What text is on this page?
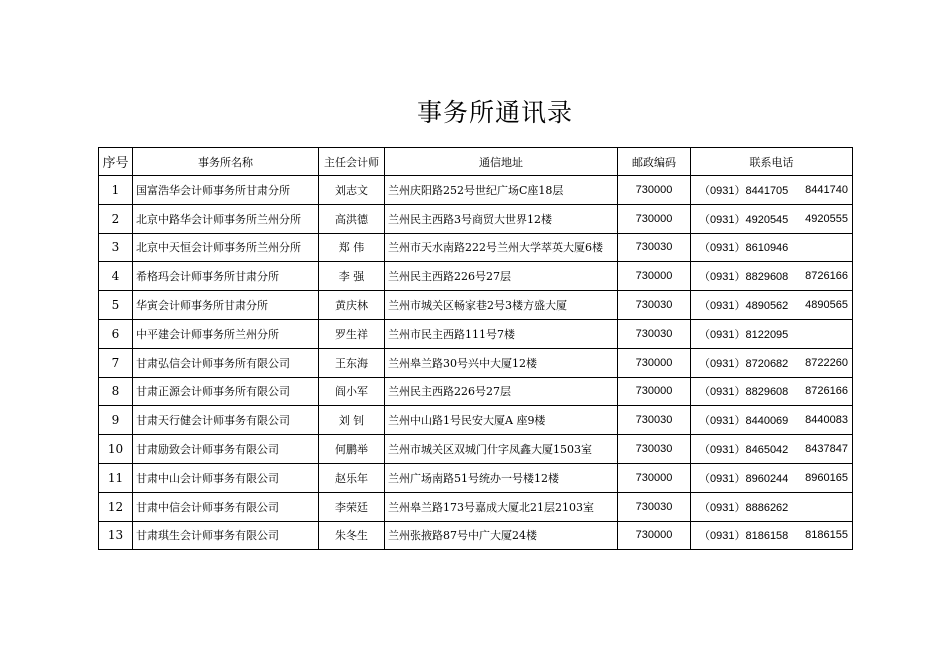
事务所通讯录
序号	事务所名称	主任会计师	通信地址	邮政编码	联系电话
1	国富浩华会计师事务所甘肃分所	刘志文	兰州庆阳路252号世纪广场C座18层	730000	（0931）8441705 8441740

2	北京中路华会计师事务所兰州分所	高洪德	兰州民主西路3号商贸大世界12楼	730000	（0931）4920545 4920555

3	北京中天恒会计师事务所兰州分所	郑 伟	兰州市天水南路222号兰州大学萃英大厦6楼	730030	（0931）8610946

4	希格玛会计师事务所甘肃分所	李 强	兰州民主西路226号27层	730000	（0931）8829608 8726166

5	华寅会计师事务所甘肃分所	黄庆林	兰州市城关区畅家巷2号3楼方盛大厦	730030	（0931）4890562 4890565

6	中平建会计师事务所兰州分所	罗生祥	兰州市民主西路111号7楼	730030	（0931）8122095

7	甘肃弘信会计师事务所有限公司	王东海	兰州皋兰路30号兴中大厦12楼	730000	（0931）8720682 8722260

8	甘肃正源会计师事务所有限公司	阎小军	兰州民主西路226号27层	730000	（0931）8829608 8726166

9	甘肃天行健会计师事务有限公司	刘 钊	兰州中山路1号民安大厦A 座9楼	730030	（0931）8440069 8440083

10	甘肃励致会计师事务有限公司	何鹏举	兰州市城关区双城门什字凤鑫大厦1503室	730030	（0931）8465042 8437847

11	甘肃中山会计师事务有限公司	赵乐年	兰州广场南路51号统办一号楼12楼	730000	（0931）8960244 8960165

12	甘肃中信会计师事务有限公司	李荣廷	兰州皋兰路173号嘉成大厦北21层2103室	730030	（0931）8886262

13	甘肃琪生会计师事务有限公司	朱冬生	兰州张掖路87号中广大厦24楼	730000	（0931）8186158 8186155
